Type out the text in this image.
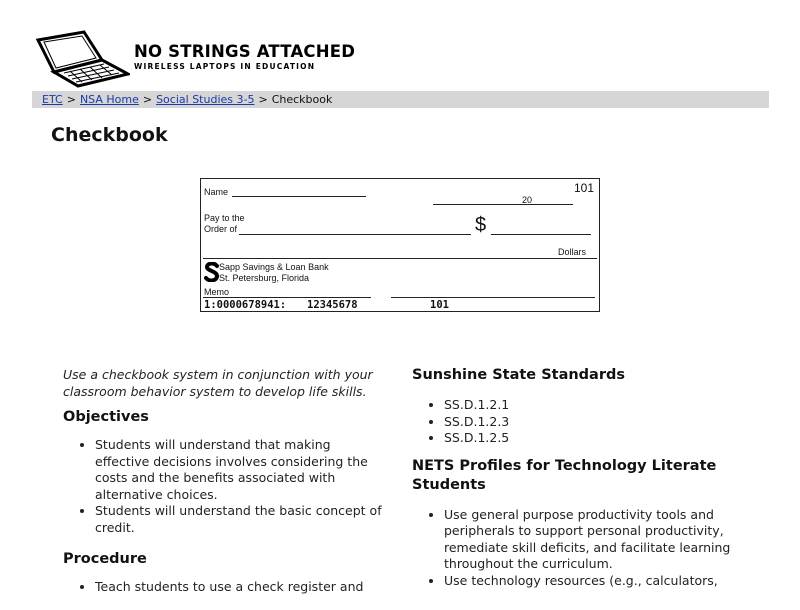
NO STRINGS ATTACHED
WIRELESS LAPTOPS IN EDUCATION
ETC > NSA Home > Social Studies 3-5 > Checkbook
Checkbook
Name	101
20
Pay to the
Order of	$
Dollars
Sapp Savings & Loan Bank
St. Petersburg, Florida
Memo
1:0000678941: 12345678	101

Use a checkbook system in conjunction with your classroom behavior system to develop life skills.

Objectives
• Students will understand that making effective decisions involves considering the costs and the benefits associated with alternative choices.
• Students will understand the basic concept of credit.
Procedure
• Teach students to use a check register and
Sunshine State Standards
• SS.D.1.2.1
• SS.D.1.2.3
• SS.D.1.2.5
NETS Profiles for Technology Literate Students
• Use general purpose productivity tools and peripherals to support personal productivity, remediate skill deficits, and facilitate learning throughout the curriculum.
• Use technology resources (e.g., calculators,
